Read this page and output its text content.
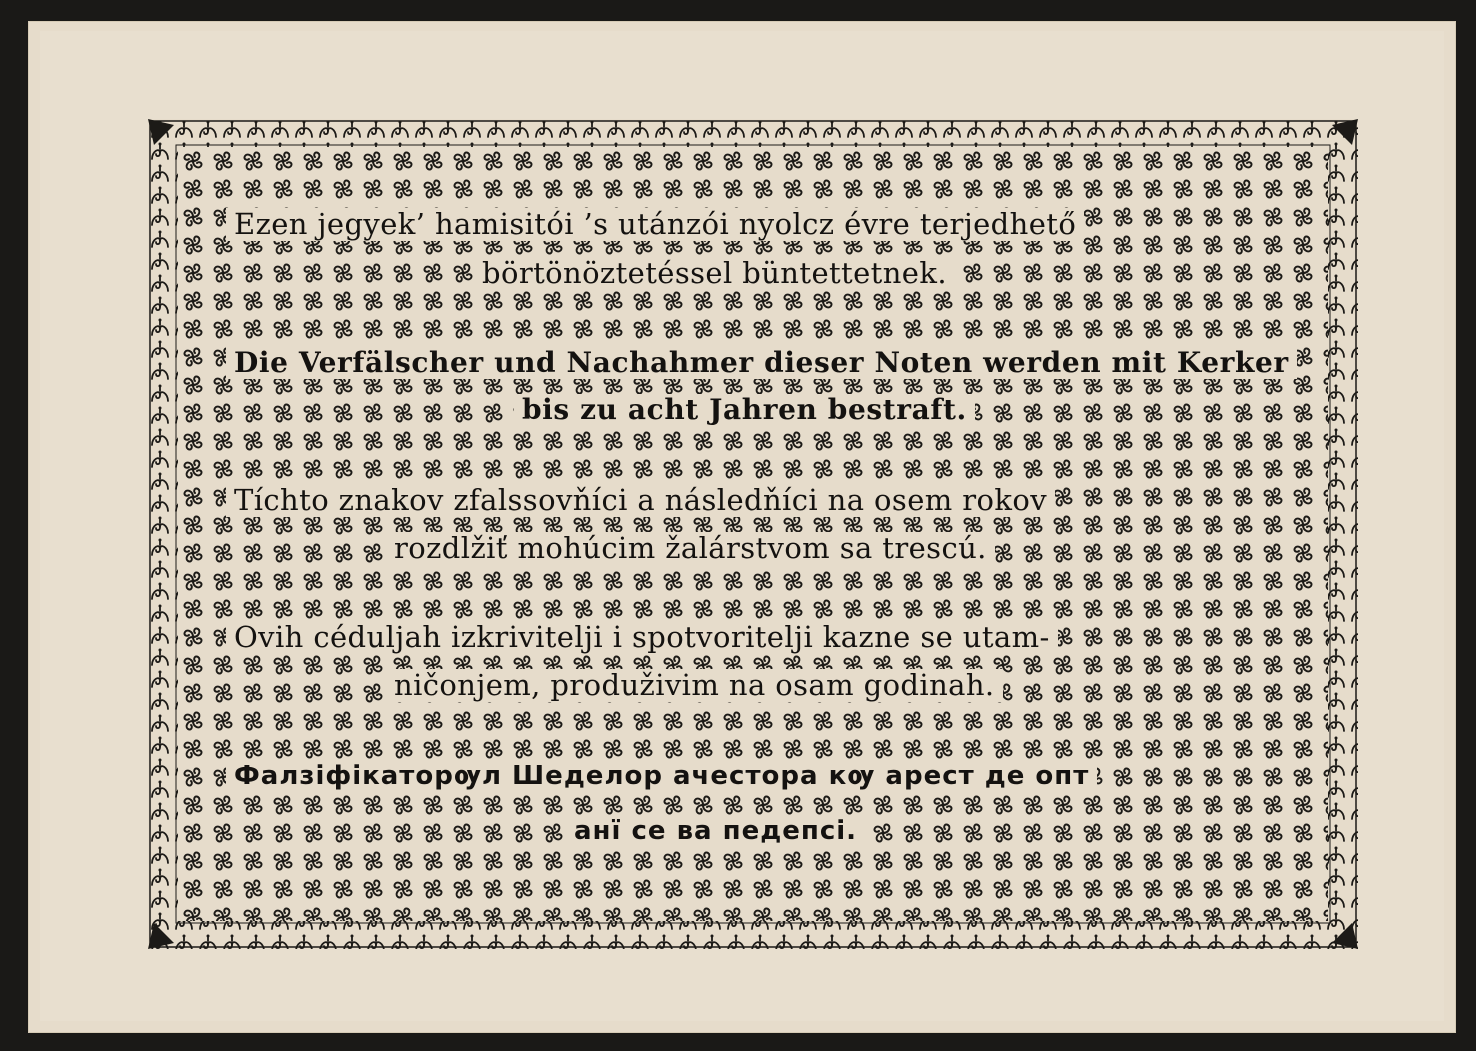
Ezen jegyek’ hamisitói ’s utánzói nyolcz évre terjedhető

börtönöztetéssel büntettetnek.

Die Verfälscher und Nachahmer dieser Noten werden mit Kerker

bis zu acht Jahren bestraft.

Tíchto znakov zfalssovňíci a následňíci na osem rokov

rozdlžiť mohúcim žalárstvom sa trescú.

Ovih céduljah izkrivitelji i spotvoritelji kazne se utam-

ničonjem, produživim na osam godinah.

Фалзіфікаторѹл Шеделор ачестора кѹ арест де опт

анї се ва педепсі.
